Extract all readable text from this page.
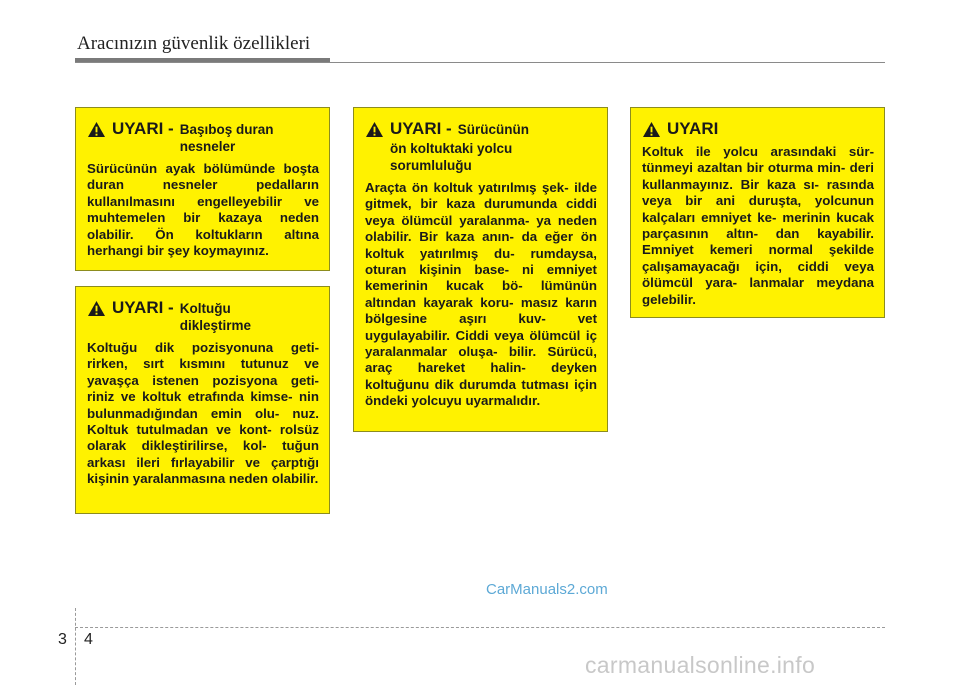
Aracınızın güvenlik özellikleri
UYARI - Başıboş duran
nesneler
Sürücünün ayak bölümünde boşta duran nesneler pedalların kullanılmasını engelleyebilir ve muhtemelen bir kazaya neden olabilir. Ön koltukların altına herhangi bir şey koymayınız.
UYARI - Koltuğu
dikleştirme
Koltuğu dik pozisyonuna geti- rirken, sırt kısmını tutunuz ve yavaşça istenen pozisyona geti- riniz ve koltuk etrafında kimse- nin bulunmadığından emin olu- nuz. Koltuk tutulmadan ve kont- rolsüz olarak dikleştirilirse, kol- tuğun arkası ileri fırlayabilir ve çarptığı kişinin yaralanmasına neden olabilir.
UYARI - Sürücünün
ön koltuktaki yolcu
sorumluluğu
Araçta ön koltuk yatırılmış şek- ilde gitmek, bir kaza durumunda ciddi veya ölümcül yaralanma- ya neden olabilir. Bir kaza anın- da eğer ön koltuk yatırılmış du- rumdaysa, oturan kişinin base- ni emniyet kemerinin kucak bö- lümünün altından kayarak koru- masız karın bölgesine aşırı kuv- vet uygulayabilir. Ciddi veya ölümcül iç yaralanmalar oluşa- bilir. Sürücü, araç hareket halin- deyken koltuğunu dik durumda tutması için öndeki yolcuyu uyarmalıdır.
UYARI
Koltuk ile yolcu arasındaki sür- tünmeyi azaltan bir oturma min- deri kullanmayınız. Bir kaza sı- rasında veya bir ani duruşta, yolcunun kalçaları emniyet ke- merinin kucak parçasının altın- dan kayabilir. Emniyet kemeri normal şekilde çalışamayacağı için, ciddi veya ölümcül yara- lanmalar meydana gelebilir.
CarManuals2.com
3 4
carmanualsonline.info
